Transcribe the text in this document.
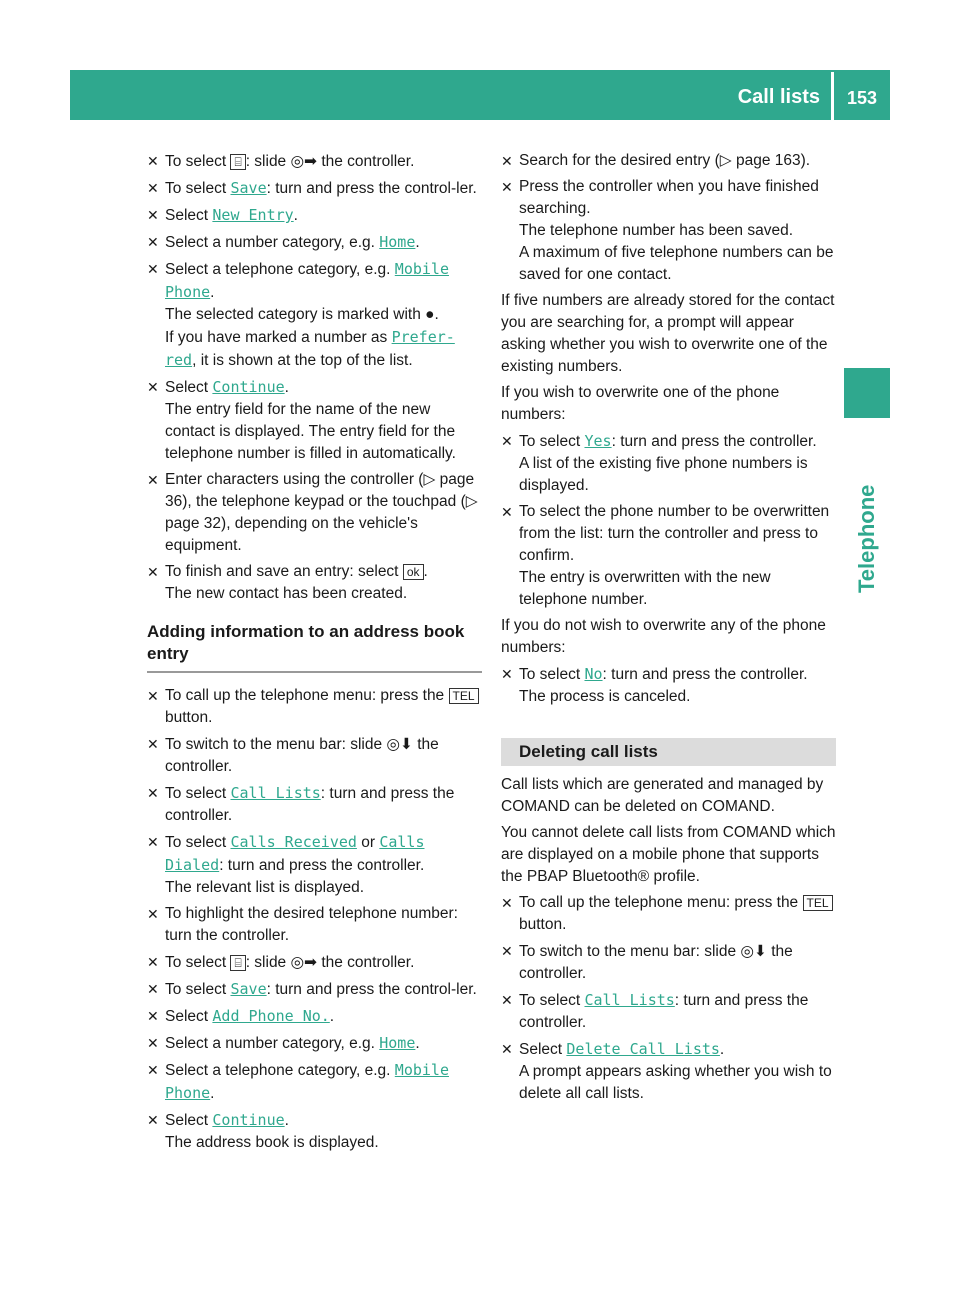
Call lists	153
Telephone
✕ To select ⌸ : slide ◎➡ the controller.
✕ To select Save: turn and press the control-ler.
✕ Select New Entry.
✕ Select a number category, e.g. Home.
✕ Select a telephone category, e.g. Mobile Phone.
The selected category is marked with ●.
If you have marked a number as Prefer-red, it is shown at the top of the list.
✕ Select Continue.
The entry field for the name of the new contact is displayed. The entry field for the telephone number is filled in automatically.
✕ Enter characters using the controller (▷ page 36), the telephone keypad or the touchpad (▷ page 32), depending on the vehicle's equipment.
✕ To finish and save an entry: select ok .
The new contact has been created.
Adding information to an address book entry
✕ To call up the telephone menu: press the TEL button.
✕ To switch to the menu bar: slide ◎⬇ the controller.
✕ To select Call Lists: turn and press the controller.
✕ To select Calls Received or Calls Dialed: turn and press the controller.
The relevant list is displayed.
✕ To highlight the desired telephone number: turn the controller.
✕ To select ⌸ : slide ◎➡ the controller.
✕ To select Save: turn and press the control-ler.
✕ Select Add Phone No..
✕ Select a number category, e.g. Home.
✕ Select a telephone category, e.g. Mobile Phone.
✕ Select Continue.
The address book is displayed.
✕ Search for the desired entry (▷ page 163).
✕ Press the controller when you have finished searching.
The telephone number has been saved.
A maximum of five telephone numbers can be saved for one contact.
If five numbers are already stored for the contact you are searching for, a prompt will appear asking whether you wish to overwrite one of the existing numbers.
If you wish to overwrite one of the phone numbers:
✕ To select Yes: turn and press the controller.
A list of the existing five phone numbers is displayed.
✕ To select the phone number to be overwritten from the list: turn the controller and press to confirm.
The entry is overwritten with the new telephone number.
If you do not wish to overwrite any of the phone numbers:
✕ To select No: turn and press the controller.
The process is canceled.
Deleting call lists
Call lists which are generated and managed by COMAND can be deleted on COMAND.
You cannot delete call lists from COMAND which are displayed on a mobile phone that supports the PBAP Bluetooth® profile.
✕ To call up the telephone menu: press the TEL button.
✕ To switch to the menu bar: slide ◎⬇ the controller.
✕ To select Call Lists: turn and press the controller.
✕ Select Delete Call Lists.
A prompt appears asking whether you wish to delete all call lists.
